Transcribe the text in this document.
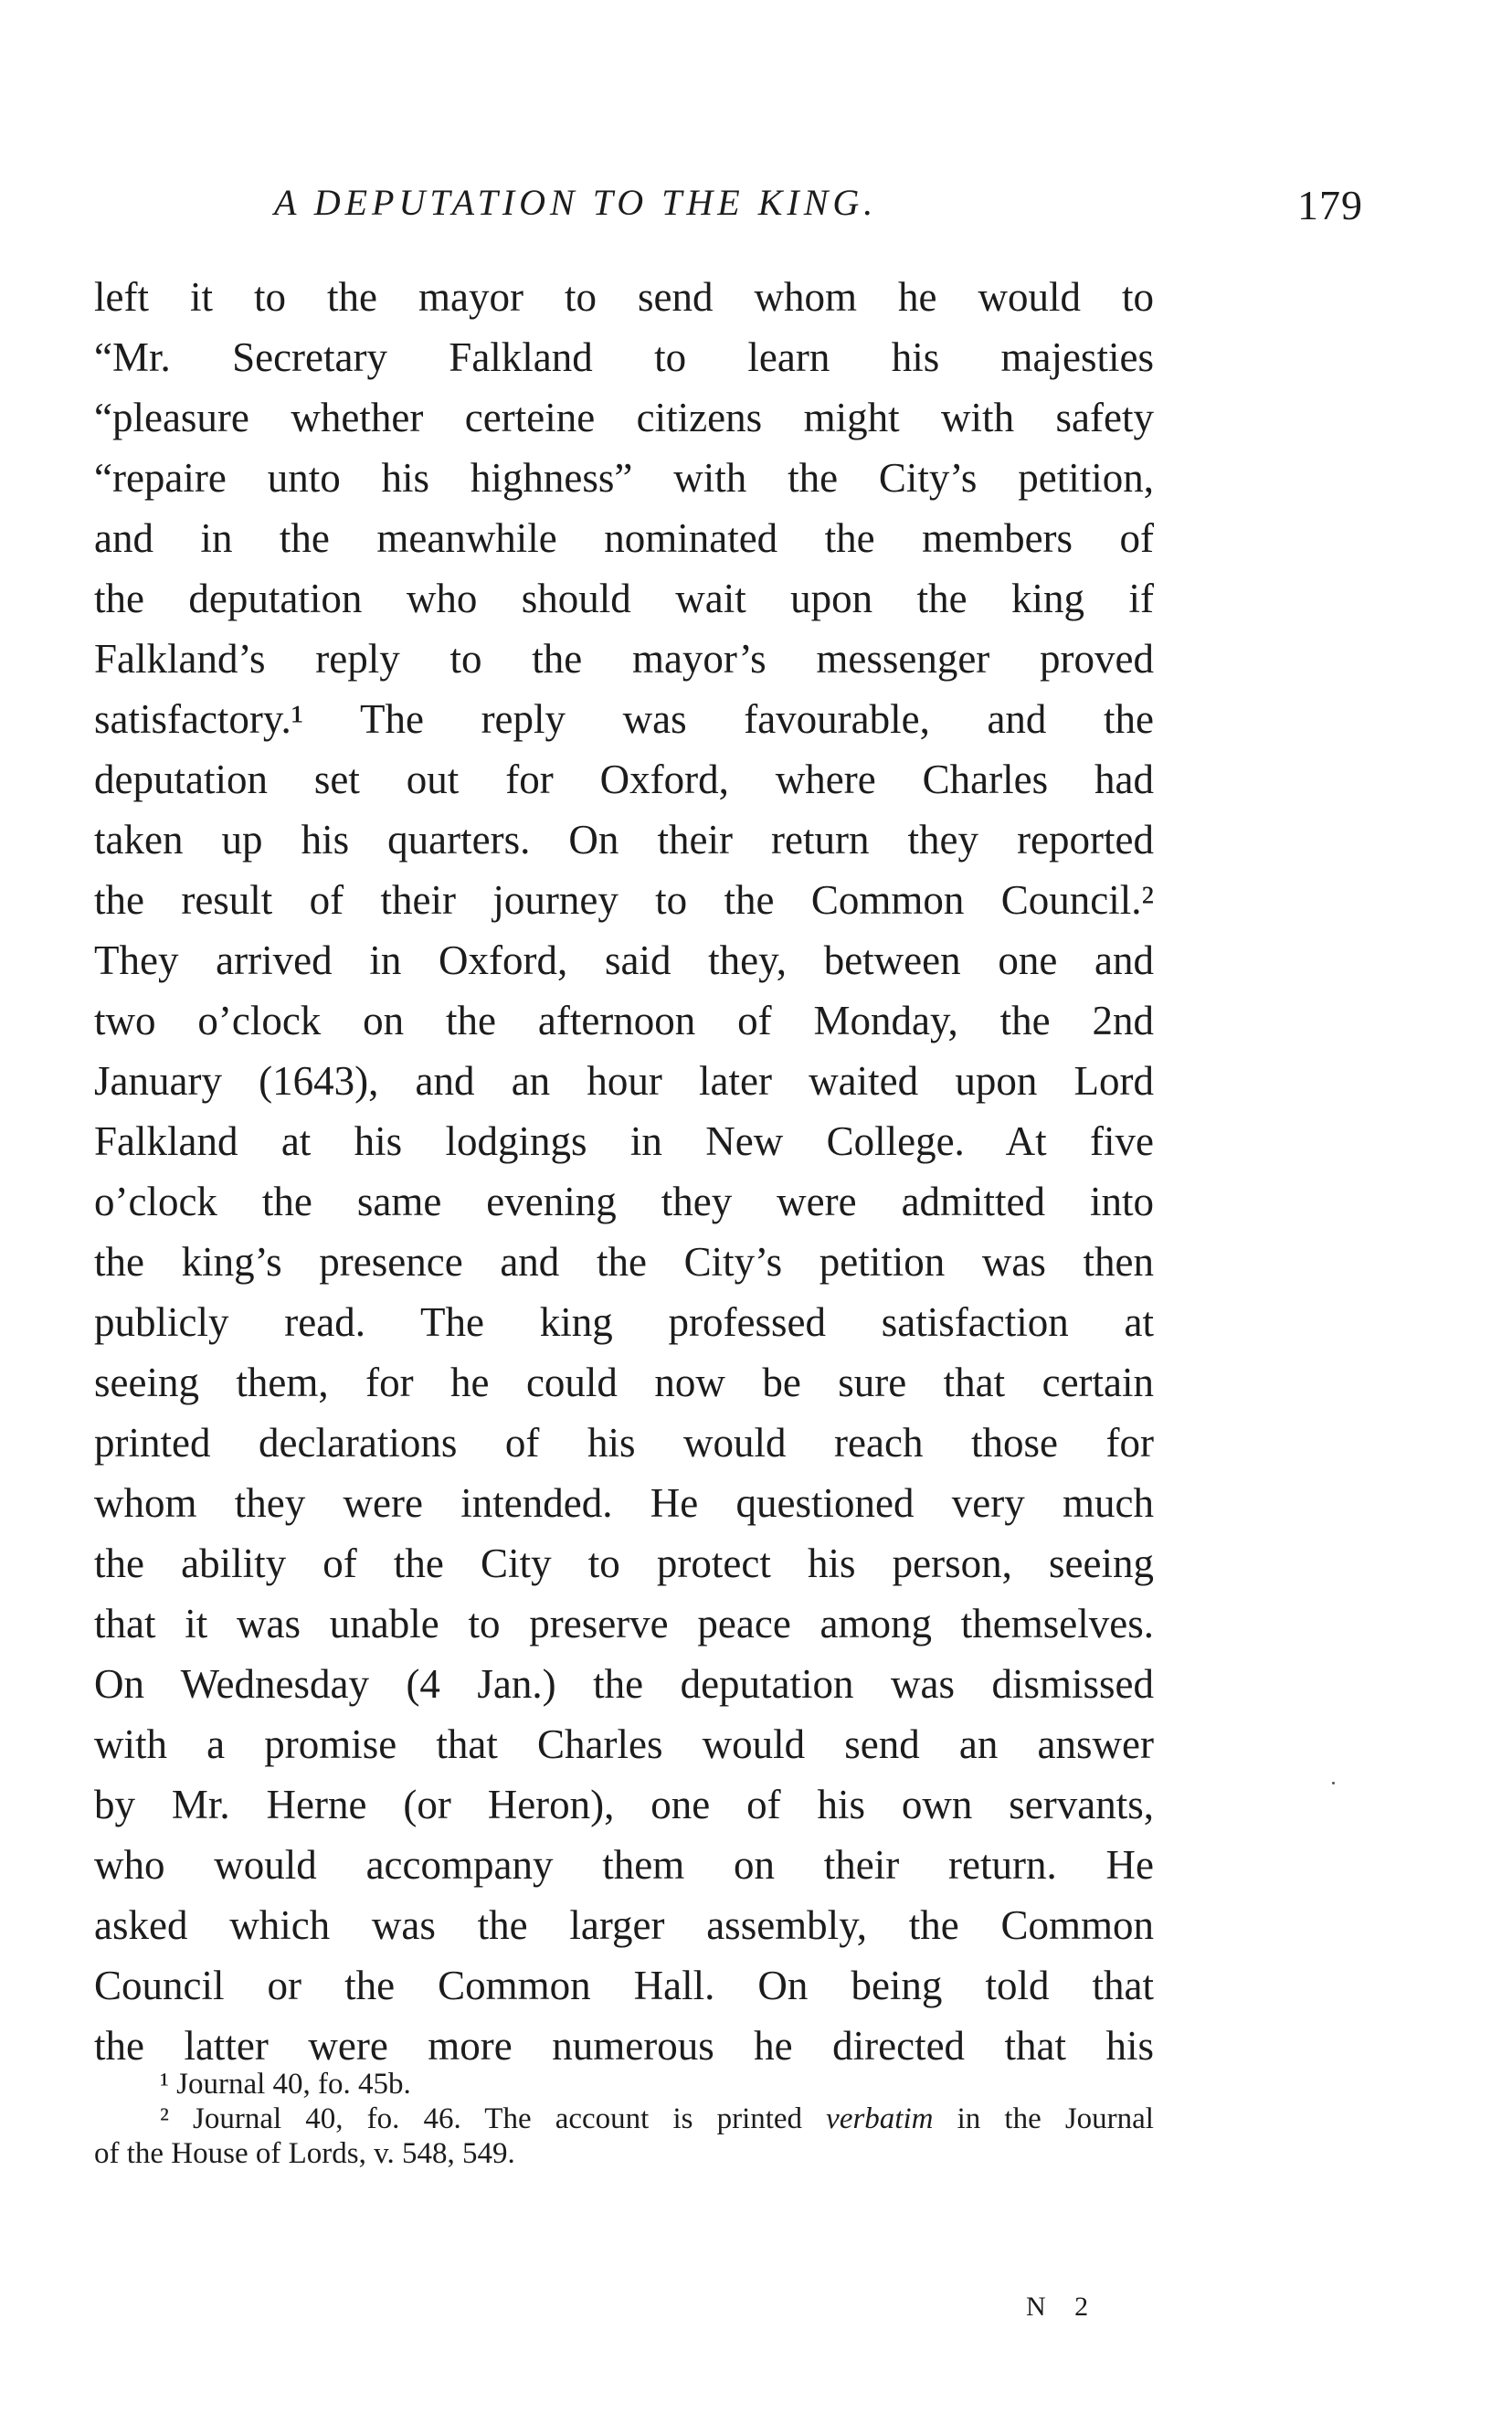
A DEPUTATION TO THE KING.	179
left it to the mayor to send whom he would to
“Mr. Secretary Falkland to learn his majesties
“pleasure whether certeine citizens might with safety
“repaire unto his highness” with the City’s petition,
and in the meanwhile nominated the members of
the deputation who should wait upon the king if
Falkland’s reply to the mayor’s messenger proved
satisfactory.¹ The reply was favourable, and the
deputation set out for Oxford, where Charles had
taken up his quarters. On their return they reported
the result of their journey to the Common Council.²
They arrived in Oxford, said they, between one and
two o’clock on the afternoon of Monday, the 2nd
January (1643), and an hour later waited upon Lord
Falkland at his lodgings in New College. At five
o’clock the same evening they were admitted into
the king’s presence and the City’s petition was then
publicly read. The king professed satisfaction at
seeing them, for he could now be sure that certain
printed declarations of his would reach those for
whom they were intended. He questioned very much
the ability of the City to protect his person, seeing
that it was unable to preserve peace among themselves.
On Wednesday (4 Jan.) the deputation was dismissed
with a promise that Charles would send an answer
by Mr. Herne (or Heron), one of his own servants,
who would accompany them on their return. He
asked which was the larger assembly, the Common
Council or the Common Hall. On being told that
the latter were more numerous he directed that his
¹ Journal 40, fo. 45b.
² Journal 40, fo. 46. The account is printed verbatim in the Journal
of the House of Lords, v. 548, 549.
N 2
